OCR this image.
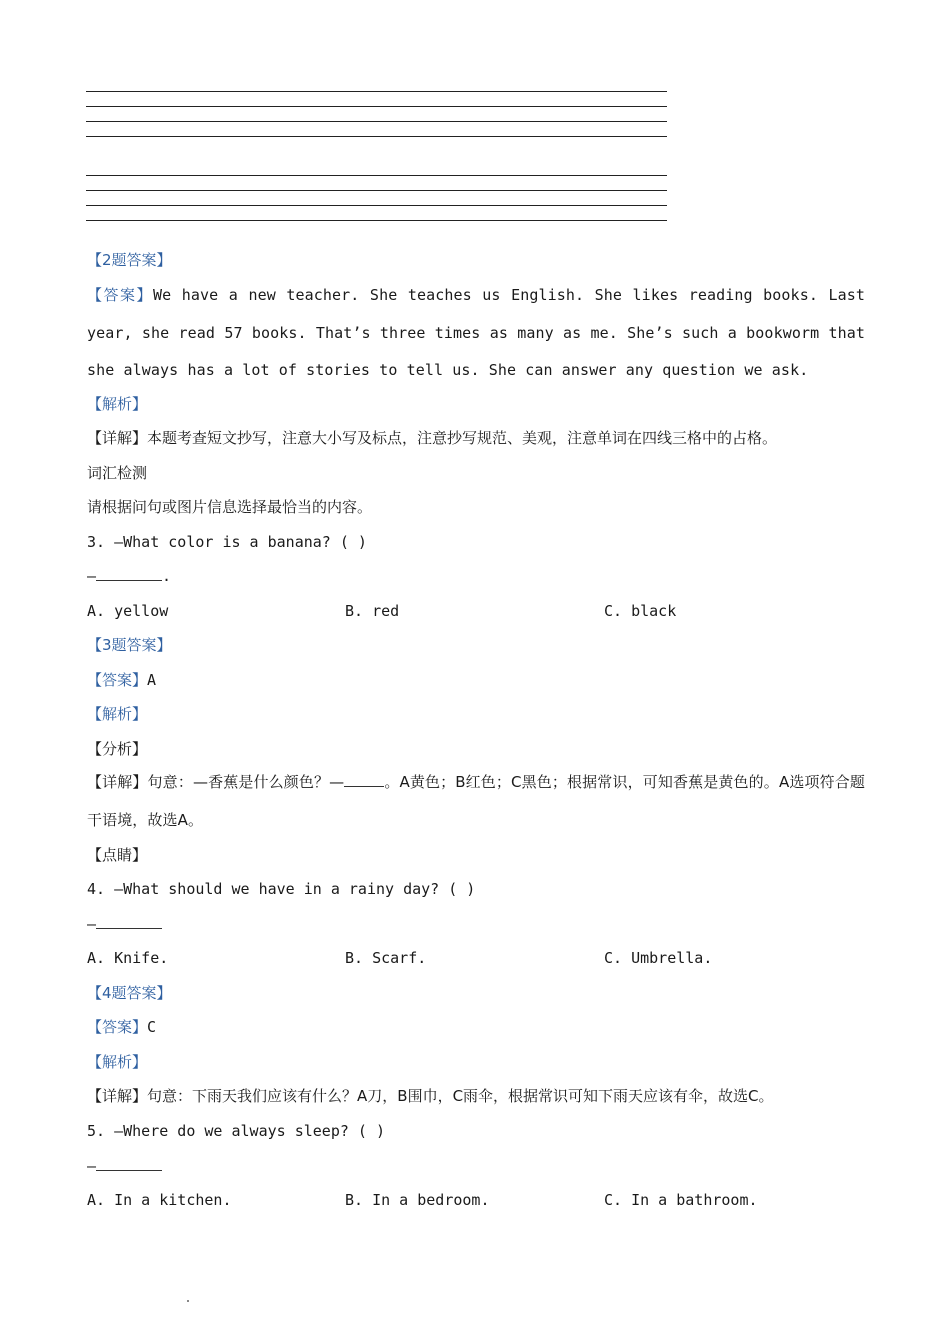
【2题答案】
【答案】We have a new teacher. She teaches us English. She likes reading books. Last year, she read 57 books. That’s three times as many as me. She’s such a bookworm that she always has a lot of stories to tell us. She can answer any question we ask.
【解析】
【详解】本题考查短文抄写，注意大小写及标点，注意抄写规范、美观，注意单词在四线三格中的占格。
词汇检测
请根据问句或图片信息选择最恰当的内容。
3. —What color is a banana? ( )
—	.
A. yellow	B. red	C. black
【3题答案】
【答案】A
【解析】
【分析】
【详解】句意：—香蕉是什么颜色？—	。A黄色；B红色；C黑色；根据常识，可知香蕉是黄色的。A选项符合题干语境，故选A。
【点睛】
4. —What should we have in a rainy day? ( )
—
A. Knife.	B. Scarf.	C. Umbrella.
【4题答案】
【答案】C
【解析】
【详解】句意：下雨天我们应该有什么？A刀，B围巾，C雨伞，根据常识可知下雨天应该有伞，故选C。
5. —Where do we always sleep? ( )
—
A. In a kitchen.	B. In a bedroom.	C. In a bathroom.
